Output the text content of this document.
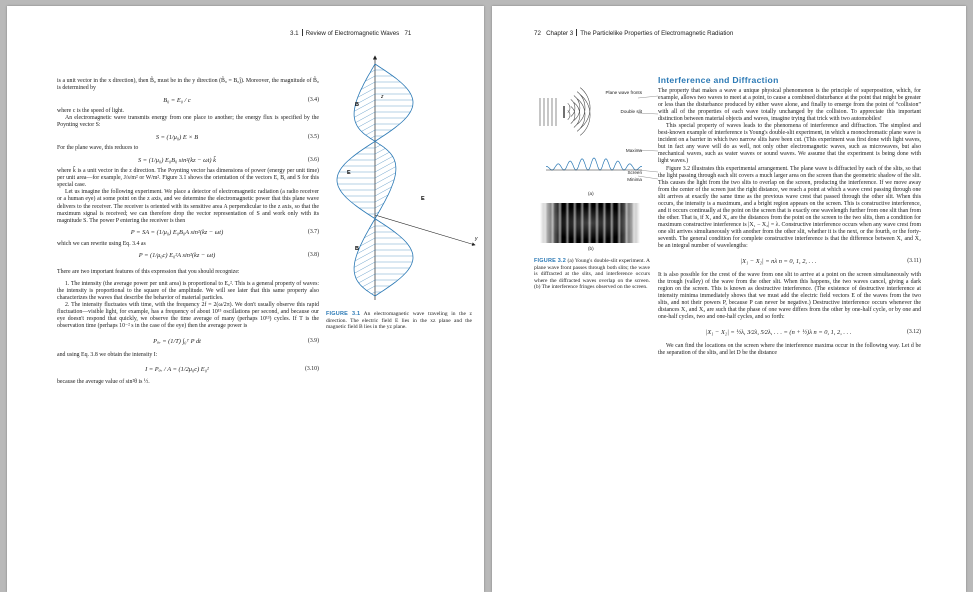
3.1 Review of Electromagnetic Waves 71

is a unit vector in the x direction), then B̂₀ must be in the y direction (B̂₀ = B₀ĵ). Moreover, the magnitude of B̂₀ is determined by

B₀ = E₀ / c	(3.4)

where c is the speed of light.

An electromagnetic wave transmits energy from one place to another; the energy flux is specified by the Poynting vector S:

S = (1/μ₀) E × B	(3.5)

For the plane wave, this reduces to

S = (1/μ₀) E₀B₀ sin²(kz − ωt) k̂	(3.6)

where k̂ is a unit vector in the z direction. The Poynting vector has dimensions of power (energy per unit time) per unit area—for example, J/s/m² or W/m². Figure 3.1 shows the orientation of the vectors E, B, and S for this special case.

Let us imagine the following experiment. We place a detector of electromagnetic radiation (a radio receiver or a human eye) at some point on the z axis, and we determine the electromagnetic power that this plane wave delivers to the receiver. The receiver is oriented with its sensitive area A perpendicular to the z axis, so that the maximum signal is received; we can therefore drop the vector representation of S and work only with its magnitude S. The power P entering the receiver is then

P = SA = (1/μ₀) E₀B₀A sin²(kz − ωt)	(3.7)

which we can rewrite using Eq. 3.4 as

P = (1/μ₀c) E₀²A sin²(kz − ωt)	(3.8)

There are two important features of this expression that you should recognize:

1. The intensity (the average power per unit area) is proportional to E₀². This is a general property of waves: the intensity is proportional to the square of the amplitude. We will see later that this same property also characterizes the waves that describe the behavior of material particles.

2. The intensity fluctuates with time, with the frequency 2f = 2(ω/2π). We don't usually observe this rapid fluctuation—visible light, for example, has a frequency of about 10¹⁵ oscillations per second, and because our eye doesn't respond that quickly, we observe the time average of many (perhaps 10¹³) cycles. If T is the observation time (perhaps 10⁻² s in the case of the eye) then the average power is

Pₐᵥ = (1/T) ∫₀ᵀ P dt	(3.9)

and using Eq. 3.8 we obtain the intensity I:

I = Pₐᵥ / A = (1/2μ₀c) E₀²	(3.10)

because the average value of sin²θ is ½.

z
y
B
E
E
B
FIGURE 3.1 An electromagnetic wave traveling in the z direction. The electric field E lies in the xz plane and the magnetic field B lies in the yz plane.
72 Chapter 3 The Particlelike Properties of Electromagnetic Radiation
Plane wave fronts
Double slit
Maxima
Screen
Minima
(a)
(b)
FIGURE 3.2 (a) Young's double-slit experiment. A plane wave front passes through both slits; the wave is diffracted at the slits, and interference occurs where the diffracted waves overlap on the screen. (b) The interference fringes observed on the screen.
Interference and Diffraction

The property that makes a wave a unique physical phenomenon is the principle of superposition, which, for example, allows two waves to meet at a point, to cause a combined disturbance at the point that might be greater or less than the disturbance produced by either wave alone, and finally to emerge from the point of “collision” with all of the properties of each wave totally unchanged by the collision. To appreciate this important distinction between material objects and waves, imagine trying that trick with two automobiles!

This special property of waves leads to the phenomena of interference and diffraction. The simplest and best-known example of interference is Young's double-slit experiment, in which a monochromatic plane wave is incident on a barrier in which two narrow slits have been cut. (This experiment was first done with light waves, but in fact any wave will do as well, not only other electromagnetic waves, such as microwaves, but also mechanical waves, such as water waves or sound waves. We assume that the experiment is being done with light waves.)

Figure 3.2 illustrates this experimental arrangement. The plane wave is diffracted by each of the slits, so that the light passing through each slit covers a much larger area on the screen than the geometric shadow of the slit. This causes the light from the two slits to overlap on the screen, producing the interference. If we move away from the center of the screen just the right distance, we reach a point at which a wave crest passing through one slit arrives at exactly the same time as the previous wave crest that passed through the other slit. When this occurs, the intensity is a maximum, and a bright region appears on the screen. This is constructive interference, and it occurs continually at the point on the screen that is exactly one wavelength further from one slit than from the other. That is, if X₁ and X₂ are the distances from the point on the screen to the two slits, then a condition for maximum constructive interference is |X₁ − X₂| = λ. Constructive interference occurs when any wave crest from one slit arrives simultaneously with another from the other slit, whether it is the next, or the fourth, or the forty-seventh. The general condition for complete constructive interference is that the difference between X₁ and X₂ be an integral number of wavelengths:

|X₁ − X₂| = nλ n = 0, 1, 2, . . .	(3.11)

It is also possible for the crest of the wave from one slit to arrive at a point on the screen simultaneously with the trough (valley) of the wave from the other slit. When this happens, the two waves cancel, giving a dark region on the screen. This is known as destructive interference. (The existence of destructive interference at intensity minima immediately shows that we must add the electric field vectors E of the waves from the two slits, and not their powers P, because P can never be negative.) Destructive interference occurs whenever the distances X₁ and X₂ are such that the phase of one wave differs from the other by one-half cycle, or by one and one-half cycles, two and one-half cycles, and so forth:

|X₁ − X₂| = ½λ, 3⁄2λ, 5⁄2λ, . . . = (n + ½)λ n = 0, 1, 2, . . .	(3.12)

We can find the locations on the screen where the interference maxima occur in the following way. Let d be the separation of the slits, and let D be the distance
